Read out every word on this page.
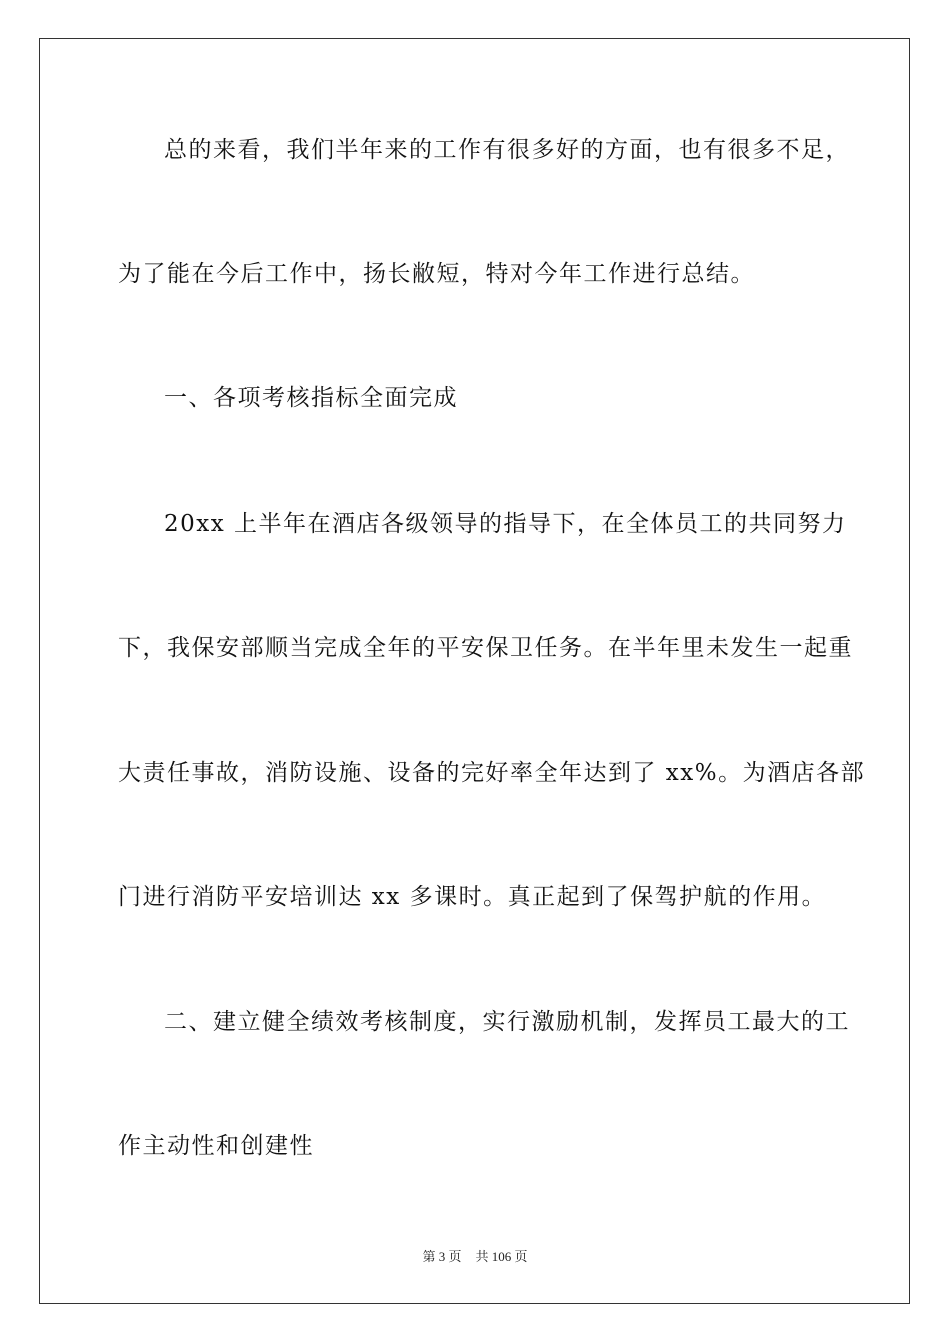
总的来看，我们半年来的工作有很多好的方面，也有很多不足，
为了能在今后工作中，扬长敝短，特对今年工作进行总结。
一、各项考核指标全面完成
20xx 上半年在酒店各级领导的指导下，在全体员工的共同努力
下，我保安部顺当完成全年的平安保卫任务。在半年里未发生一起重
大责任事故，消防设施、设备的完好率全年达到了 xx%。为酒店各部
门进行消防平安培训达 xx 多课时。真正起到了保驾护航的作用。
二、建立健全绩效考核制度，实行激励机制，发挥员工最大的工
作主动性和创建性
第 3 页 共 106 页
